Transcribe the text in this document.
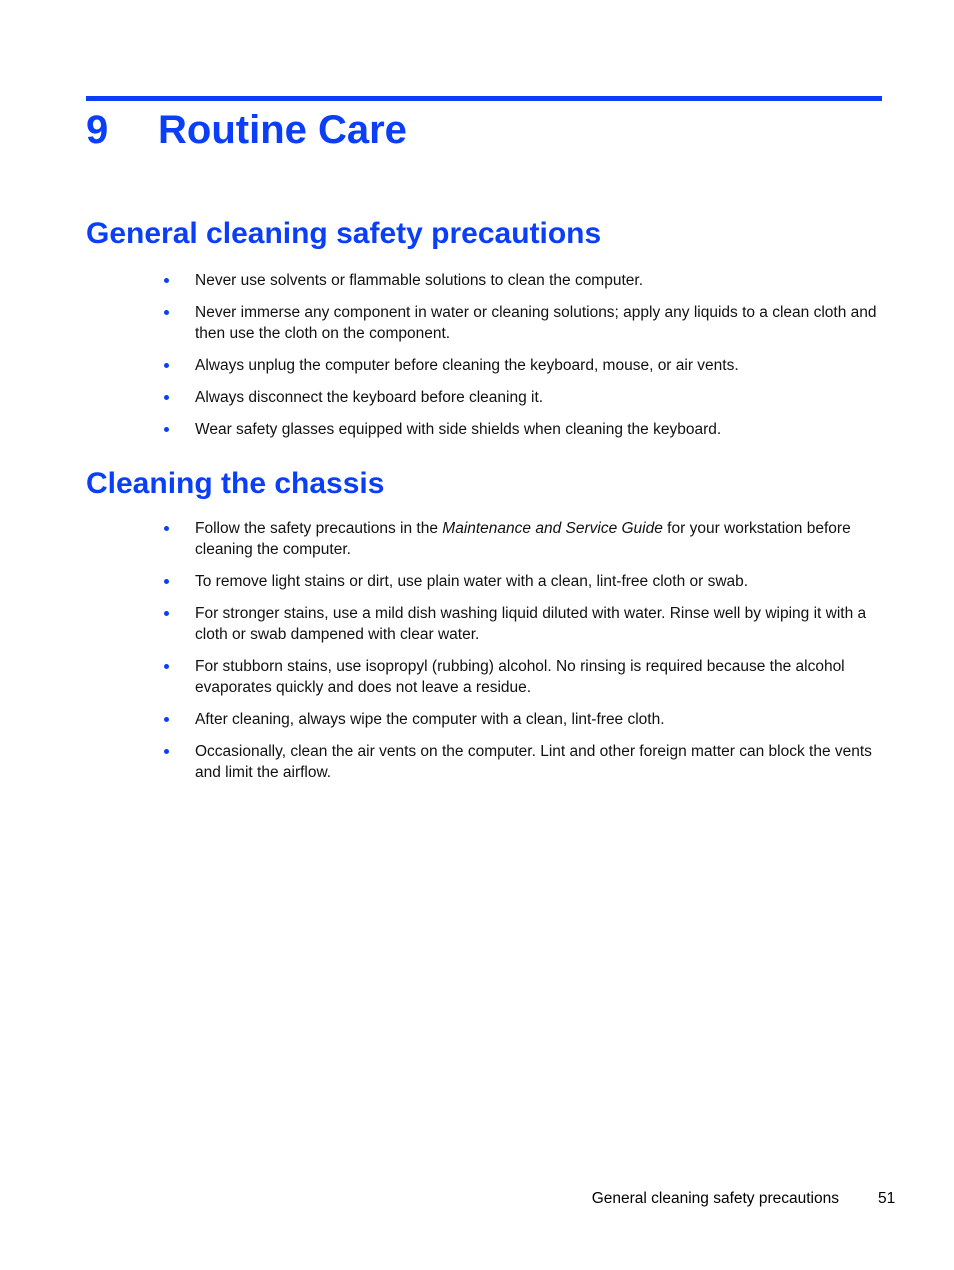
9 Routine Care
General cleaning safety precautions
Never use solvents or flammable solutions to clean the computer.
Never immerse any component in water or cleaning solutions; apply any liquids to a clean cloth and then use the cloth on the component.
Always unplug the computer before cleaning the keyboard, mouse, or air vents.
Always disconnect the keyboard before cleaning it.
Wear safety glasses equipped with side shields when cleaning the keyboard.
Cleaning the chassis
Follow the safety precautions in the Maintenance and Service Guide for your workstation before cleaning the computer.
To remove light stains or dirt, use plain water with a clean, lint-free cloth or swab.
For stronger stains, use a mild dish washing liquid diluted with water. Rinse well by wiping it with a cloth or swab dampened with clear water.
For stubborn stains, use isopropyl (rubbing) alcohol. No rinsing is required because the alcohol evaporates quickly and does not leave a residue.
After cleaning, always wipe the computer with a clean, lint-free cloth.
Occasionally, clean the air vents on the computer. Lint and other foreign matter can block the vents and limit the airflow.
General cleaning safety precautions	51
